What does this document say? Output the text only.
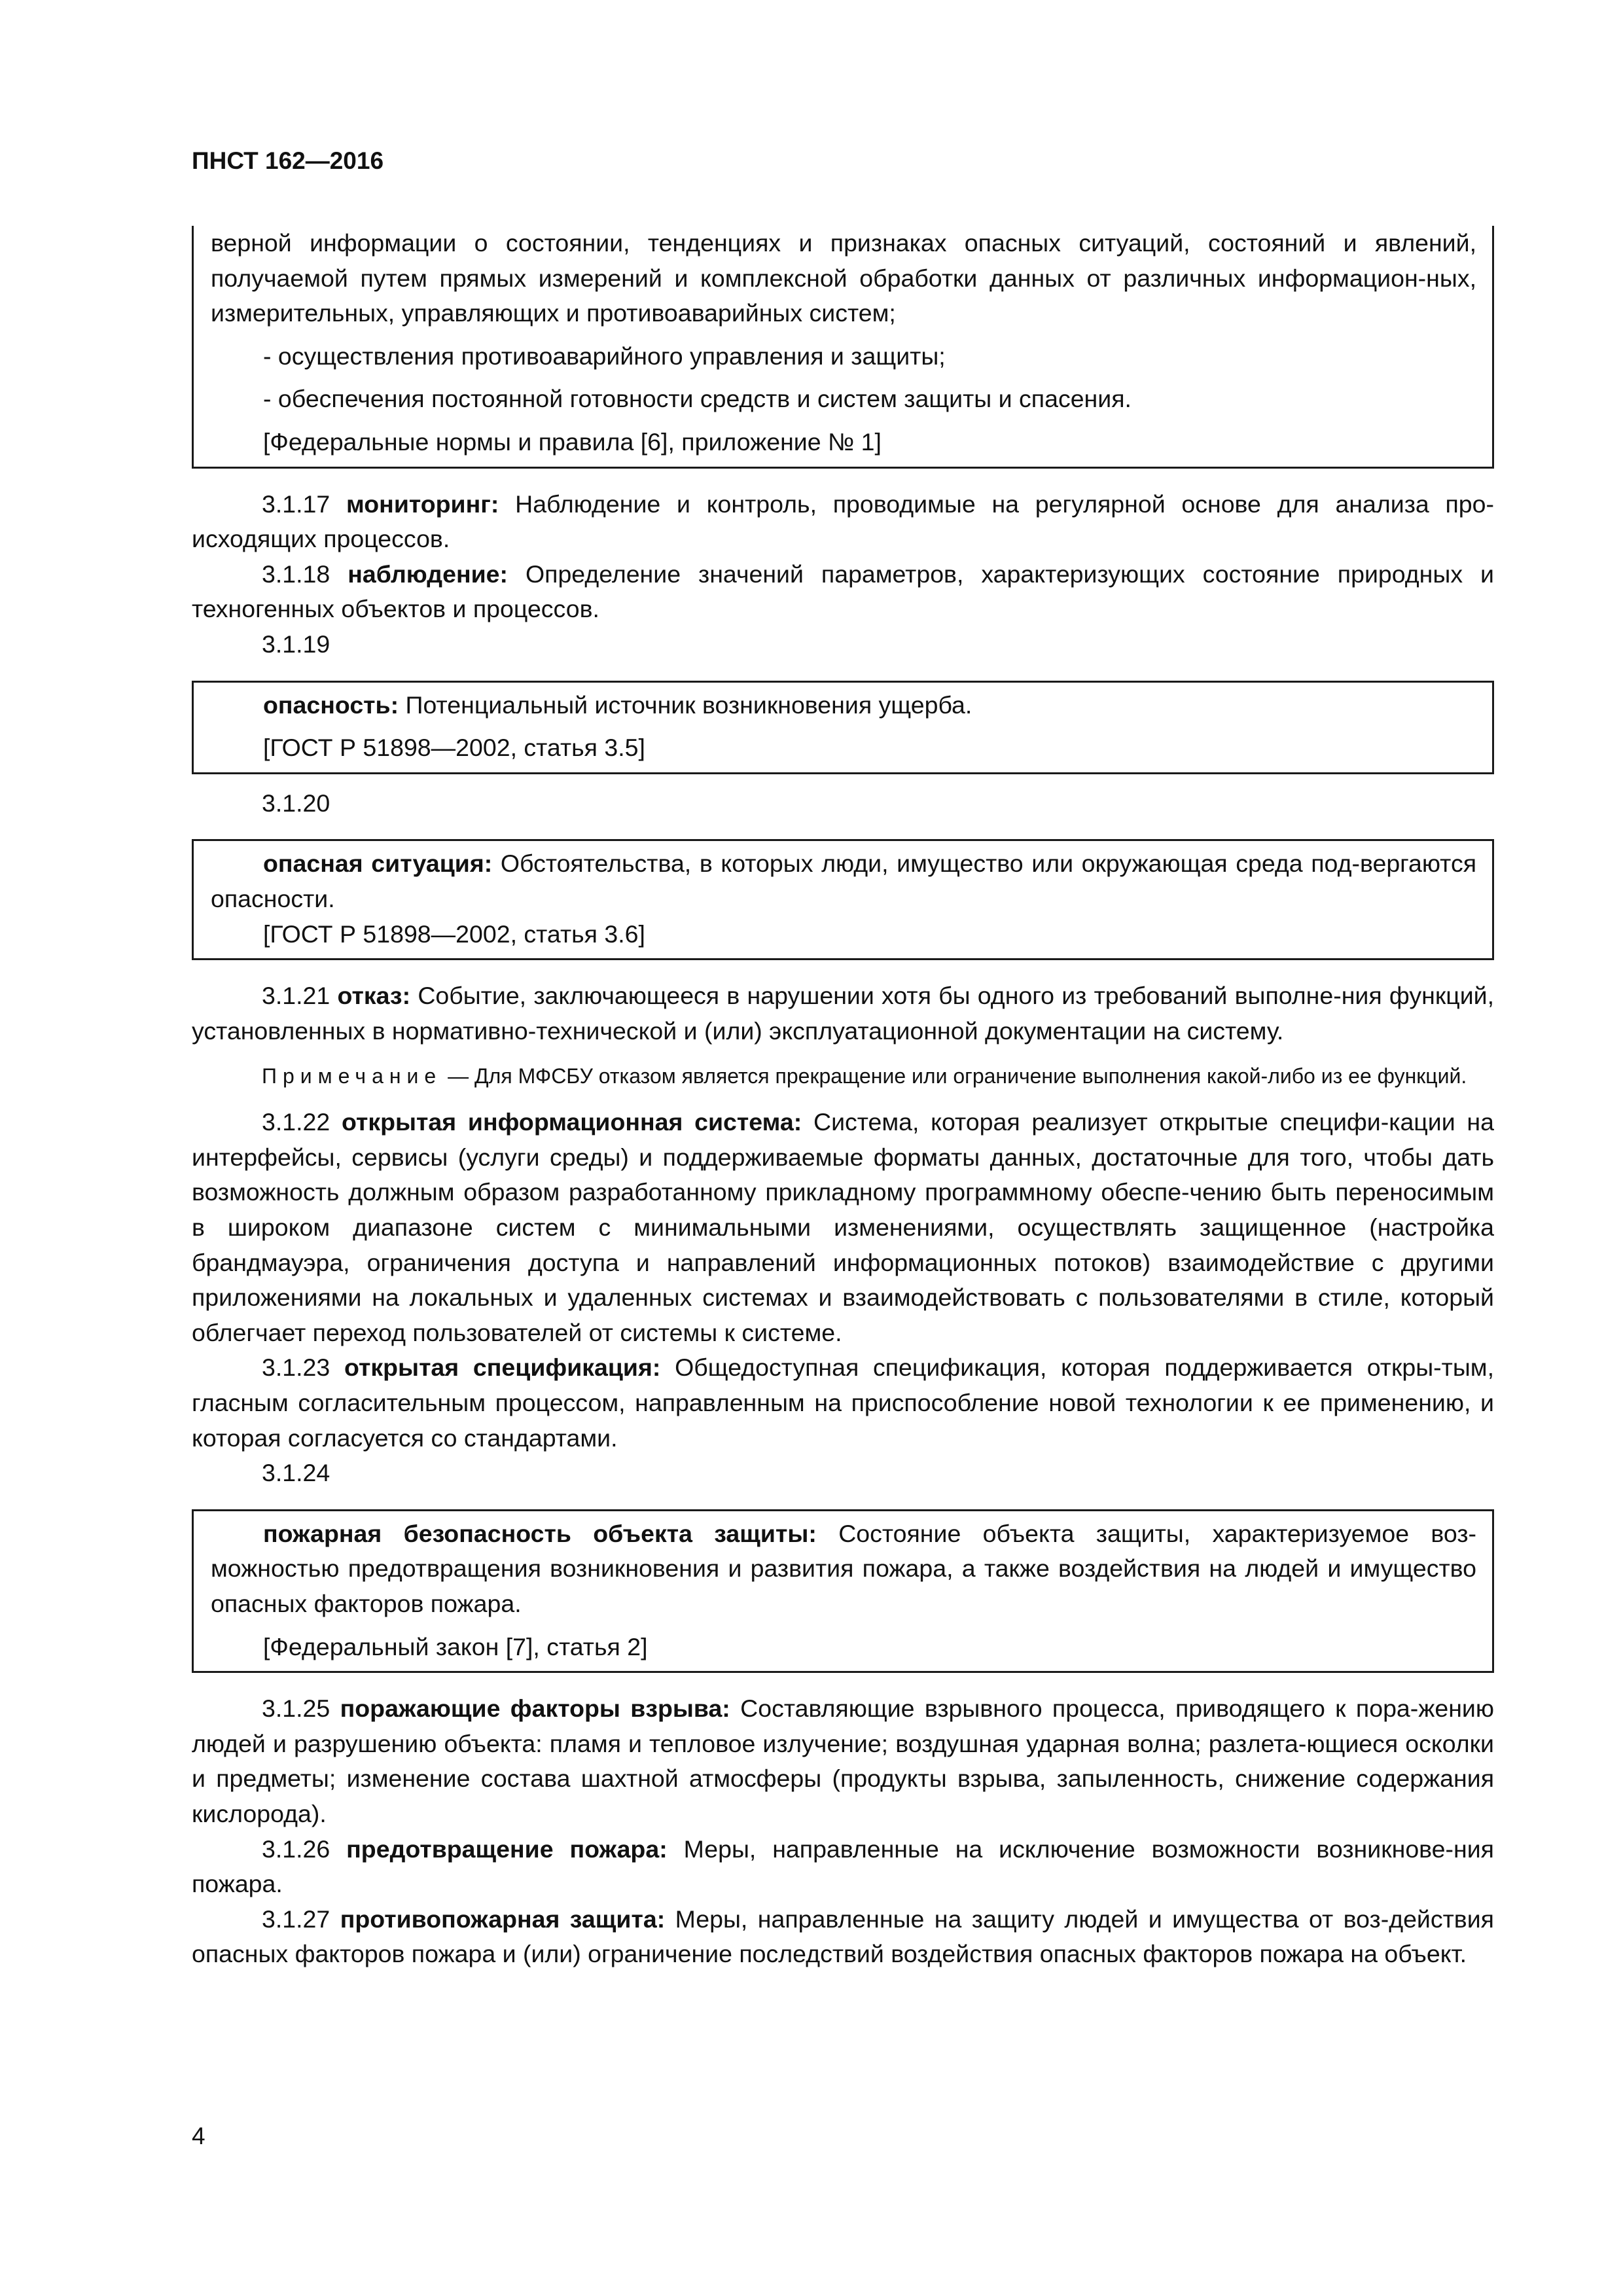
ПНСТ 162—2016

верной информации о состоянии, тенденциях и признаках опасных ситуаций, состояний и явлений, получаемой путем прямых измерений и комплексной обработки данных от различных информацион-ных, измерительных, управляющих и противоаварийных систем;

- осуществления противоаварийного управления и защиты;

- обеспечения постоянной готовности средств и систем защиты и спасения.

[Федеральные нормы и правила [6], приложение № 1]

3.1.17 мониторинг: Наблюдение и контроль, проводимые на регулярной основе для анализа про-исходящих процессов.

3.1.18 наблюдение: Определение значений параметров, характеризующих состояние природных и техногенных объектов и процессов.

3.1.19

опасность: Потенциальный источник возникновения ущерба.

[ГОСТ Р 51898—2002, статья 3.5]

3.1.20

опасная ситуация: Обстоятельства, в которых люди, имущество или окружающая среда под-вергаются опасности.

[ГОСТ Р 51898—2002, статья 3.6]

3.1.21 отказ: Событие, заключающееся в нарушении хотя бы одного из требований выполне-ния функций, установленных в нормативно-технической и (или) эксплуатационной документации на систему.

Примечание — Для МФСБУ отказом является прекращение или ограничение выполнения какой-либо из ее функций.

3.1.22 открытая информационная система: Система, которая реализует открытые специфи-кации на интерфейсы, сервисы (услуги среды) и поддерживаемые форматы данных, достаточные для того, чтобы дать возможность должным образом разработанному прикладному программному обеспе-чению быть переносимым в широком диапазоне систем с минимальными изменениями, осуществлять защищенное (настройка брандмауэра, ограничения доступа и направлений информационных потоков) взаимодействие с другими приложениями на локальных и удаленных системах и взаимодействовать с пользователями в стиле, который облегчает переход пользователей от системы к системе.

3.1.23 открытая спецификация: Общедоступная спецификация, которая поддерживается откры-тым, гласным согласительным процессом, направленным на приспособление новой технологии к ее применению, и которая согласуется со стандартами.

3.1.24

пожарная безопасность объекта защиты: Состояние объекта защиты, характеризуемое воз-можностью предотвращения возникновения и развития пожара, а также воздействия на людей и имущество опасных факторов пожара.

[Федеральный закон [7], статья 2]

3.1.25 поражающие факторы взрыва: Составляющие взрывного процесса, приводящего к пора-жению людей и разрушению объекта: пламя и тепловое излучение; воздушная ударная волна; разлета-ющиеся осколки и предметы; изменение состава шахтной атмосферы (продукты взрыва, запыленность, снижение содержания кислорода).

3.1.26 предотвращение пожара: Меры, направленные на исключение возможности возникнове-ния пожара.

3.1.27 противопожарная защита: Меры, направленные на защиту людей и имущества от воз-действия опасных факторов пожара и (или) ограничение последствий воздействия опасных факторов пожара на объект.

4
